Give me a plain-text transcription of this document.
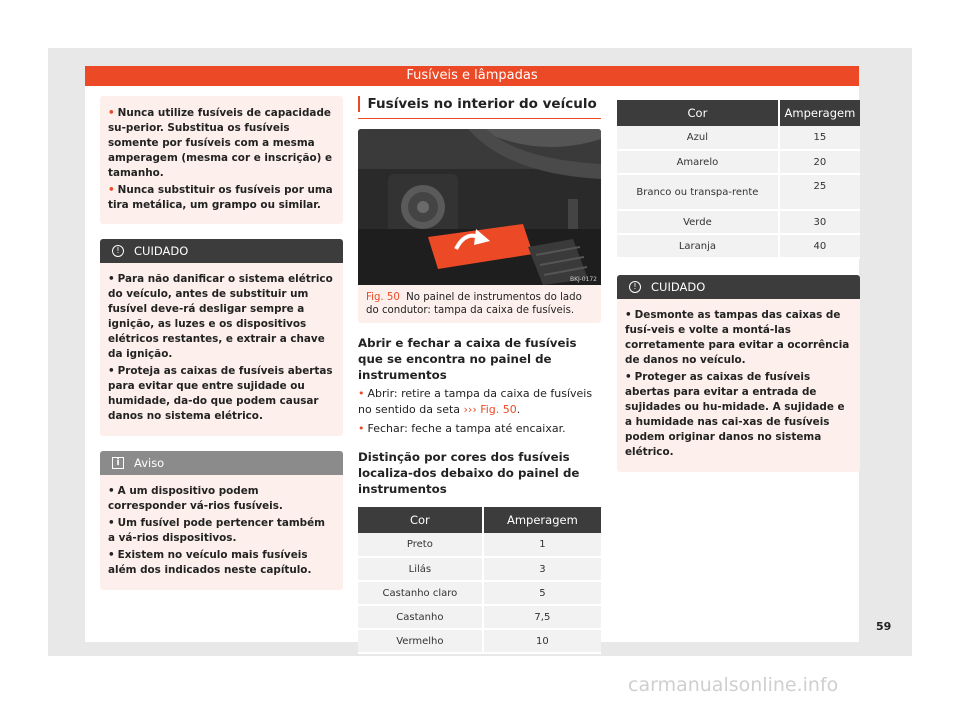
Fusíveis e lâmpadas

• Nunca utilize fusíveis de capacidade su-perior. Substitua os fusíveis somente por fusíveis com a mesma amperagem (mesma cor e inscrição) e tamanho.

• Nunca substituir os fusíveis por uma tira metálica, um grampo ou similar.

!	CUIDADO

• Para não danificar o sistema elétrico do veículo, antes de substituir um fusível deve-rá desligar sempre a ignição, as luzes e os dispositivos elétricos restantes, e extrair a chave da ignição.

• Proteja as caixas de fusíveis abertas para evitar que entre sujidade ou humidade, da-do que podem causar danos no sistema elétrico.

i	Aviso

• A um dispositivo podem corresponder vá-rios fusíveis.

• Um fusível pode pertencer também a vá-rios dispositivos.

• Existem no veículo mais fusíveis além dos indicados neste capítulo.

Fusíveis no interior do veículo
BKJ-0172
Fig. 50 No painel de instrumentos do lado do condutor: tampa da caixa de fusíveis.
Abrir e fechar a caixa de fusíveis que se encontra no painel de instrumentos
• Abrir: retire a tampa da caixa de fusíveis no sentido da seta ››› Fig. 50.
• Fechar: feche a tampa até encaixar.
Distinção por cores dos fusíveis localiza-dos debaixo do painel de instrumentos
Cor	Amperagem
Preto	1
Lilás	3
Castanho claro	5
Castanho	7,5
Vermelho	10
Cor	Amperagem
Azul	15
Amarelo	20
Branco ou transpa-rente	25
Verde	30
Laranja	40
!	CUIDADO

• Desmonte as tampas das caixas de fusí-veis e volte a montá-las corretamente para evitar a ocorrência de danos no veículo.

• Proteger as caixas de fusíveis abertas para evitar a entrada de sujidades ou hu-midade. A sujidade e a humidade nas cai-xas de fusíveis podem originar danos no sistema elétrico.

59
carmanualsonline.info
